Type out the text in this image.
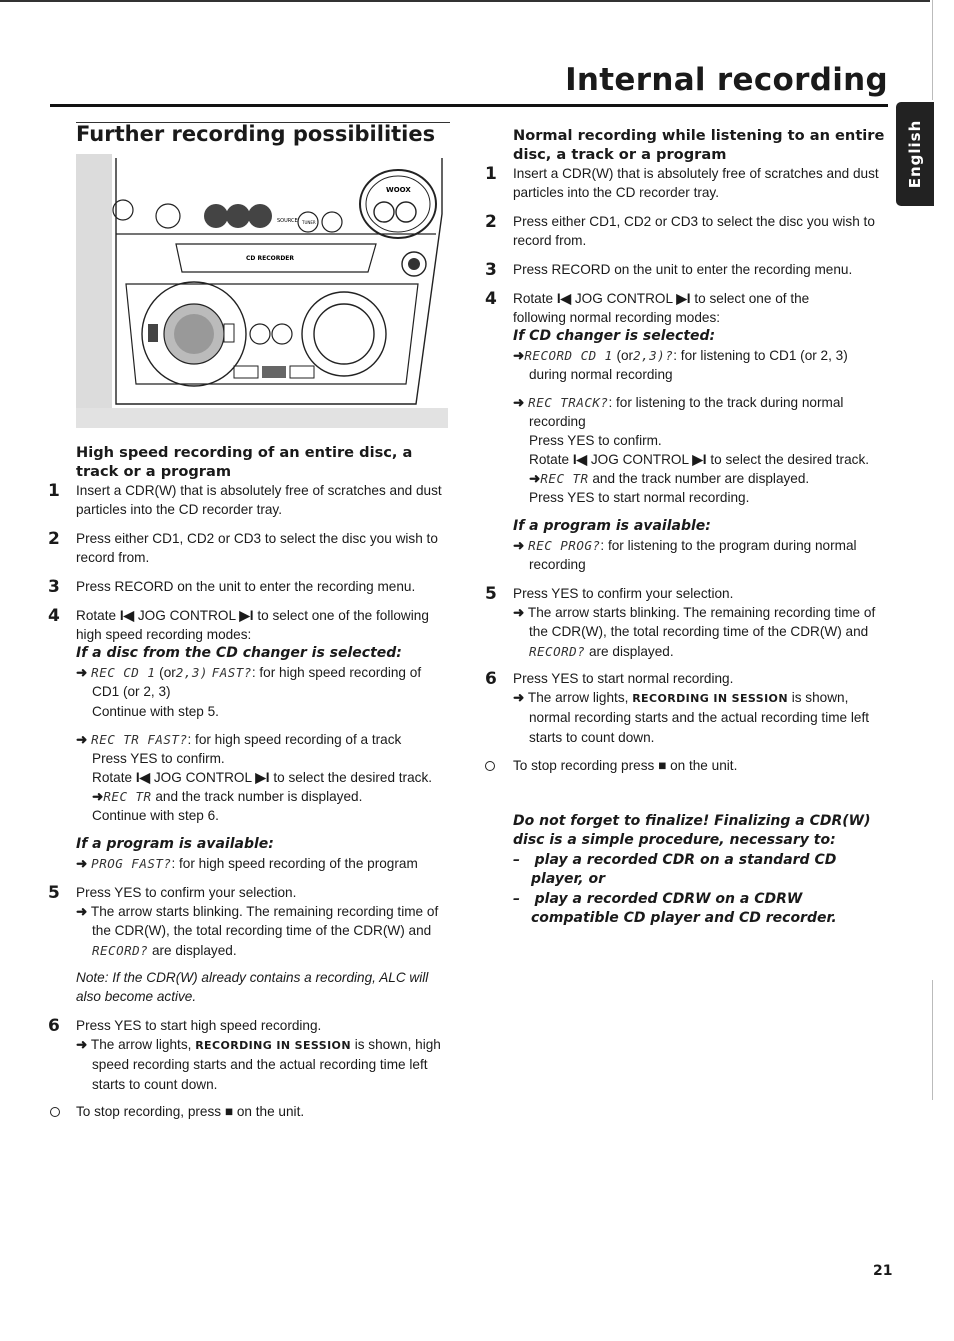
Internal recording
English
Further recording possibilities
CD RECORDER
SOURCE TUNER
WOOX
High speed recording of an entire disc, a track or a program
1 Insert a CDR(W) that is absolutely free of scratches and dust particles into the CD recorder tray.
2 Press either CD1, CD2 or CD3 to select the disc you wish to record from.
3 Press RECORD on the unit to enter the recording menu.
4 Rotate I◀ JOG CONTROL ▶I to select one of the following high speed recording modes:
If a disc from the CD changer is selected:
➜ REC CD 1 (or2,3) FAST?: for high speed recording of CD1 (or 2, 3)
Continue with step 5.
➜ REC TR FAST?: for high speed recording of a track
Press YES to confirm.
Rotate I◀ JOG CONTROL ▶I to select the desired track.
➜REC TR and the track number is displayed.
Continue with step 6.
If a program is available:
➜ PROG FAST?: for high speed recording of the program
5 Press YES to confirm your selection.
➜ The arrow starts blinking. The remaining recording time of the CDR(W), the total recording time of the CDR(W) and RECORD? are displayed.
Note: If the CDR(W) already contains a recording, ALC will also become active.
6 Press YES to start high speed recording.
➜ The arrow lights, RECORDING IN SESSION is shown, high speed recording starts and the actual recording time left starts to count down.
To stop recording, press ■ on the unit.
Normal recording while listening to an entire disc, a track or a program
1 Insert a CDR(W) that is absolutely free of scratches and dust particles into the CD recorder tray.
2 Press either CD1, CD2 or CD3 to select the disc you wish to record from.
3 Press RECORD on the unit to enter the recording menu.
4 Rotate I◀ JOG CONTROL ▶I to select one of the following normal recording modes:
If CD changer is selected:
➜RECORD CD 1 (or2,3)?: for listening to CD1 (or 2, 3) during normal recording
➜ REC TRACK?: for listening to the track during normal recording
Press YES to confirm.
Rotate I◀ JOG CONTROL ▶I to select the desired track.
➜REC TR and the track number are displayed.
Press YES to start normal recording.
If a program is available:
➜ REC PROG?: for listening to the program during normal recording
5 Press YES to confirm your selection.
➜ The arrow starts blinking. The remaining recording time of the CDR(W), the total recording time of the CDR(W) and RECORD? are displayed.
6 Press YES to start normal recording.
➜ The arrow lights, RECORDING IN SESSION is shown, normal recording starts and the actual recording time left starts to count down.
To stop recording press ■ on the unit.
Do not forget to finalize! Finalizing a CDR(W) disc is a simple procedure, necessary to:
– play a recorded CDR on a standard CD player, or
– play a recorded CDRW on a CDRW compatible CD player and CD recorder.
21
